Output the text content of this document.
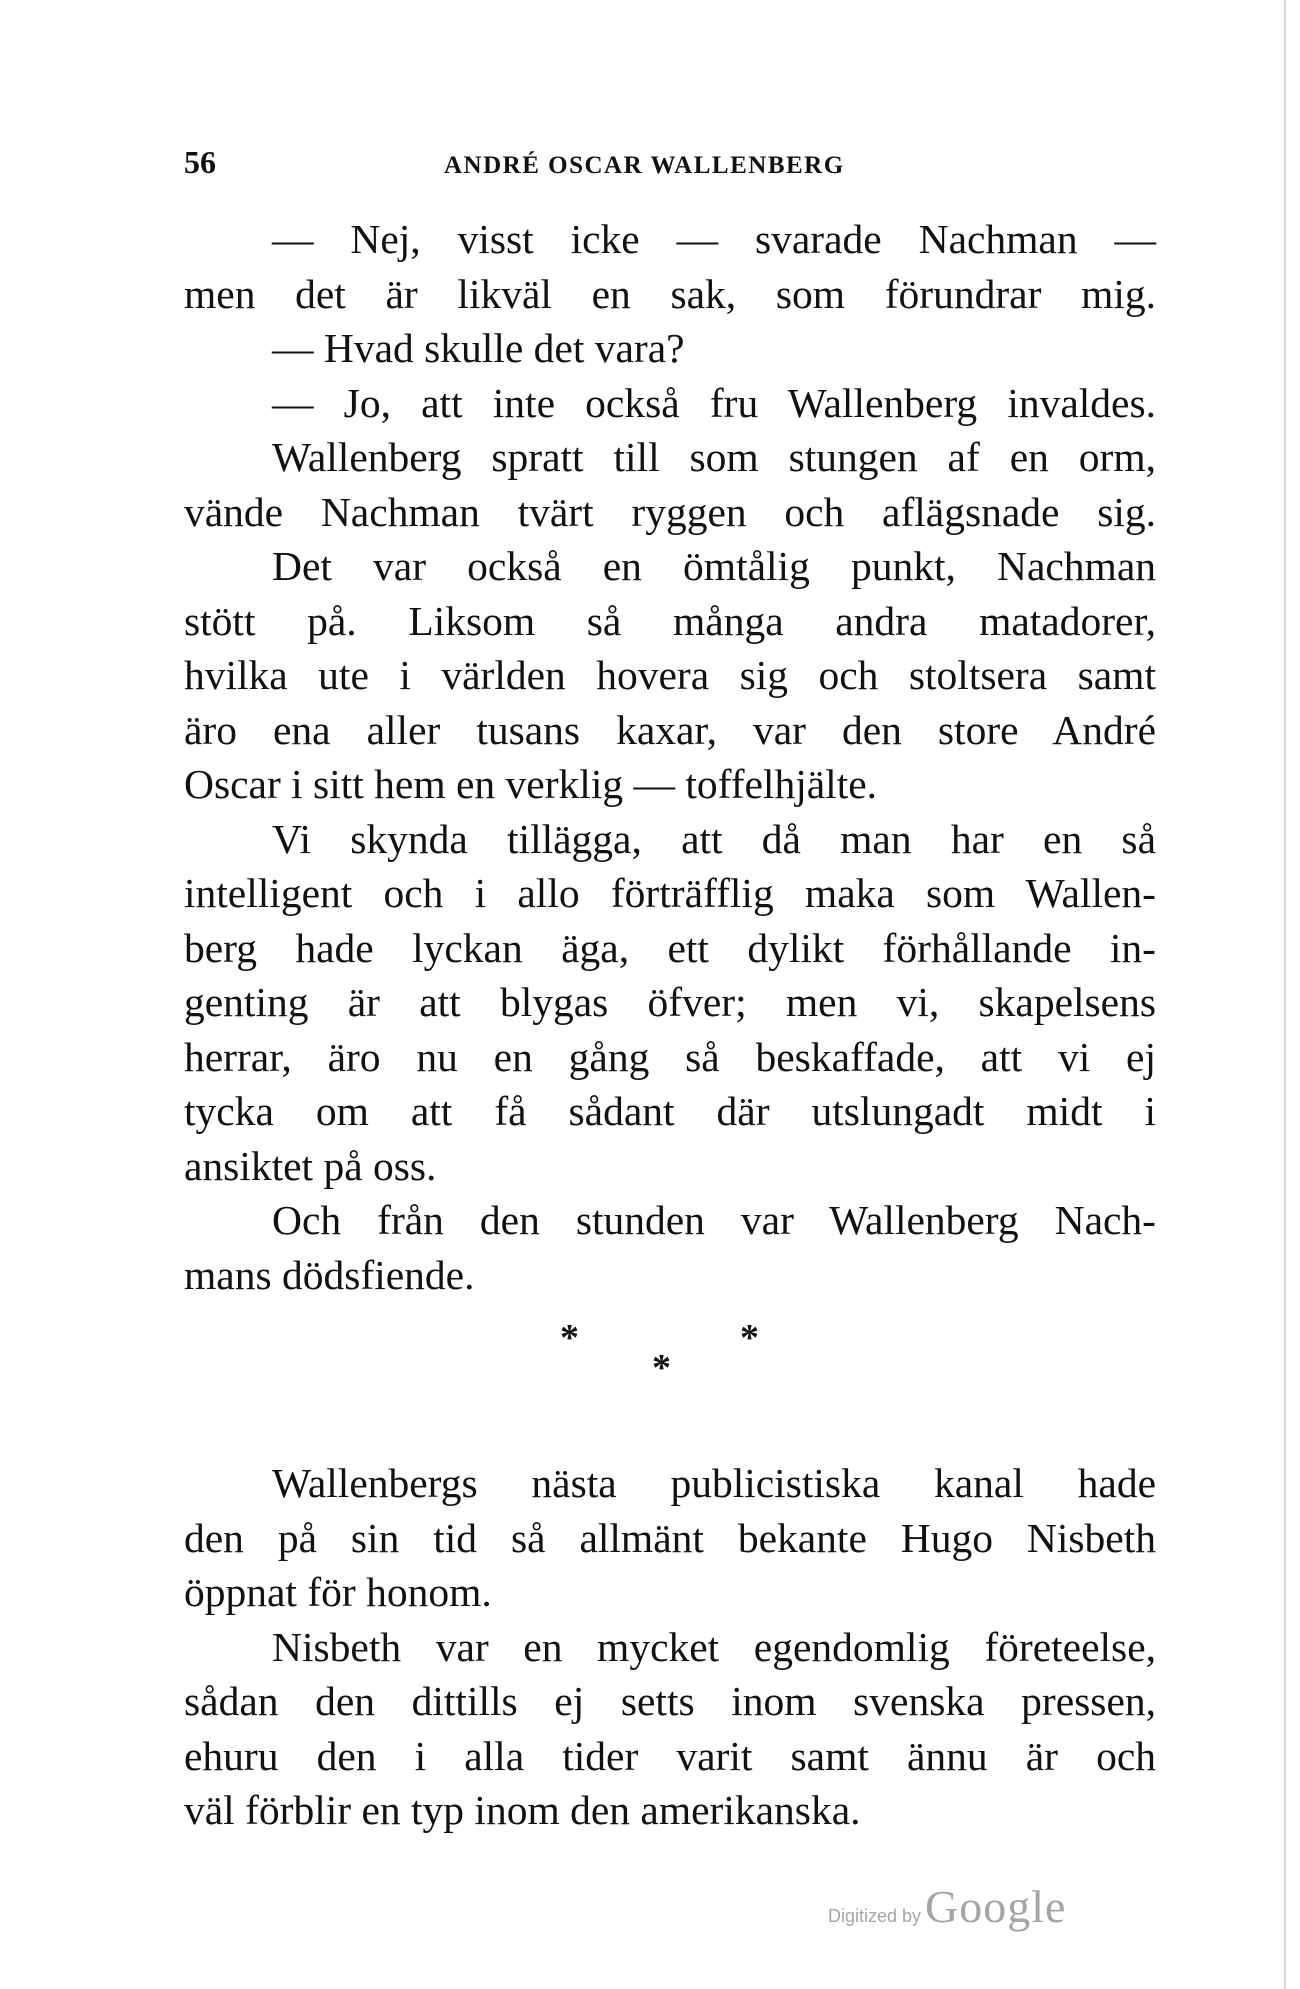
56	ANDRÉ OSCAR WALLENBERG
— Nej, visst icke — svarade Nachman —
men det är likväl en sak, som förundrar mig.
— Hvad skulle det vara?
— Jo, att inte också fru Wallenberg invaldes.
Wallenberg spratt till som stungen af en orm,
vände Nachman tvärt ryggen och aflägsnade sig.
Det var också en ömtålig punkt, Nachman
stött på. Liksom så många andra matadorer,
hvilka ute i världen hovera sig och stoltsera samt
äro ena aller tusans kaxar, var den store André
Oscar i sitt hem en verklig — toffelhjälte.
Vi skynda tillägga, att då man har en så
intelligent och i allo förträfflig maka som Wallen-
berg hade lyckan äga, ett dylikt förhållande in-
genting är att blygas öfver; men vi, skapelsens
herrar, äro nu en gång så beskaffade, att vi ej
tycka om att få sådant där utslungadt midt i
ansiktet på oss.
Och från den stunden var Wallenberg Nach-
mans dödsfiende.
*
*
*
Wallenbergs nästa publicistiska kanal hade
den på sin tid så allmänt bekante Hugo Nisbeth
öppnat för honom.
Nisbeth var en mycket egendomlig företeelse,
sådan den dittills ej setts inom svenska pressen,
ehuru den i alla tider varit samt ännu är och
väl förblir en typ inom den amerikanska.
Digitized by Google
